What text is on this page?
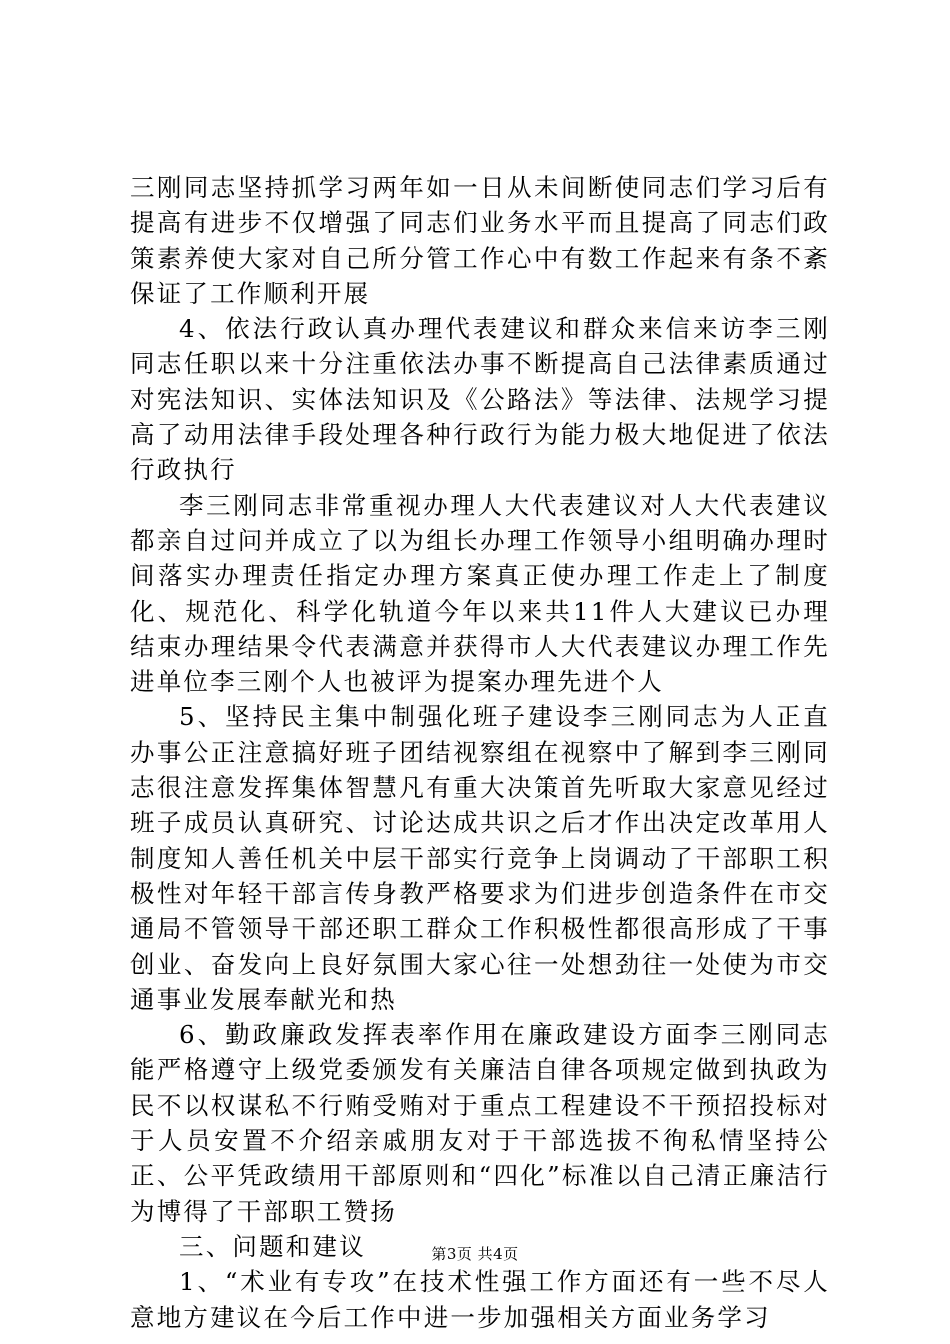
三刚同志坚持抓学习两年如一日从未间断使同志们学习后有提高有进步不仅增强了同志们业务水平而且提高了同志们政策素养使大家对自己所分管工作心中有数工作起来有条不紊保证了工作顺利开展

4、依法行政认真办理代表建议和群众来信来访李三刚同志任职以来十分注重依法办事不断提高自己法律素质通过对宪法知识、实体法知识及《公路法》等法律、法规学习提高了动用法律手段处理各种行政行为能力极大地促进了依法行政执行

李三刚同志非常重视办理人大代表建议对人大代表建议都亲自过问并成立了以为组长办理工作领导小组明确办理时间落实办理责任指定办理方案真正使办理工作走上了制度化、规范化、科学化轨道今年以来共11件人大建议已办理结束办理结果令代表满意并获得市人大代表建议办理工作先进单位李三刚个人也被评为提案办理先进个人

5、坚持民主集中制强化班子建设李三刚同志为人正直办事公正注意搞好班子团结视察组在视察中了解到李三刚同志很注意发挥集体智慧凡有重大决策首先听取大家意见经过班子成员认真研究、讨论达成共识之后才作出决定改革用人制度知人善任机关中层干部实行竞争上岗调动了干部职工积极性对年轻干部言传身教严格要求为们进步创造条件在市交通局不管领导干部还职工群众工作积极性都很高形成了干事创业、奋发向上良好氛围大家心往一处想劲往一处使为市交通事业发展奉献光和热

6、勤政廉政发挥表率作用在廉政建设方面李三刚同志能严格遵守上级党委颁发有关廉洁自律各项规定做到执政为民不以权谋私不行贿受贿对于重点工程建设不干预招投标对于人员安置不介绍亲戚朋友对于干部选拔不徇私情坚持公正、公平凭政绩用干部原则和“四化”标准以自己清正廉洁行为博得了干部职工赞扬

三、问题和建议

1、“术业有专攻”在技术性强工作方面还有一些不尽人意地方建议在今后工作中进一步加强相关方面业务学习

第3页 共4页
